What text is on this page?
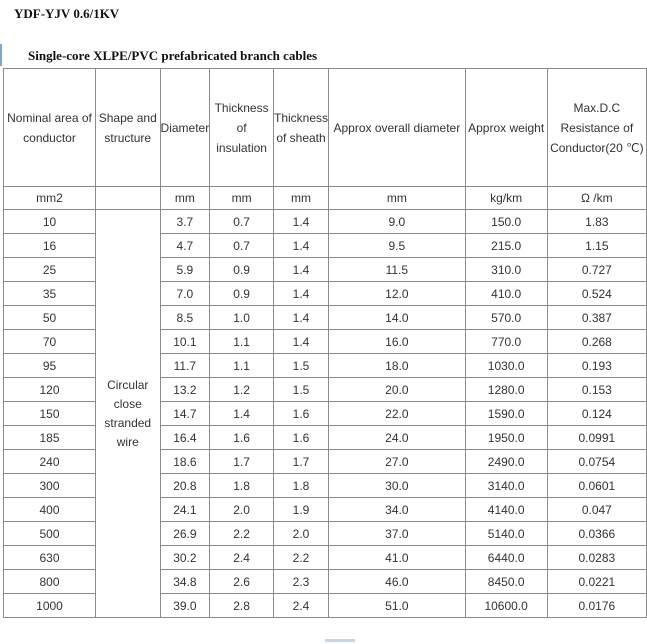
YDF-YJV 0.6/1KV
Single-core XLPE/PVC prefabricated branch cables
Nominal area of conductor	Shape and structure	Diameter	Thickness of insulation	Thickness of sheath	Approx overall diameter	Approx weight	Max.D.C Resistance of Conductor(20 ℃)
mm2		mm	mm	mm	mm	kg/km	Ω /km
10	Circular close stranded wire	3.7	0.7	1.4	9.0	150.0	1.83
16		4.7	0.7	1.4	9.5	215.0	1.15
25		5.9	0.9	1.4	11.5	310.0	0.727
35		7.0	0.9	1.4	12.0	410.0	0.524
50		8.5	1.0	1.4	14.0	570.0	0.387
70		10.1	1.1	1.4	16.0	770.0	0.268
95		11.7	1.1	1.5	18.0	1030.0	0.193
120		13.2	1.2	1.5	20.0	1280.0	0.153
150		14.7	1.4	1.6	22.0	1590.0	0.124
185		16.4	1.6	1.6	24.0	1950.0	0.0991
240		18.6	1.7	1.7	27.0	2490.0	0.0754
300		20.8	1.8	1.8	30.0	3140.0	0.0601
400		24.1	2.0	1.9	34.0	4140.0	0.047
500		26.9	2.2	2.0	37.0	5140.0	0.0366
630		30.2	2.4	2.2	41.0	6440.0	0.0283
800		34.8	2.6	2.3	46.0	8450.0	0.0221
1000		39.0	2.8	2.4	51.0	10600.0	0.0176
